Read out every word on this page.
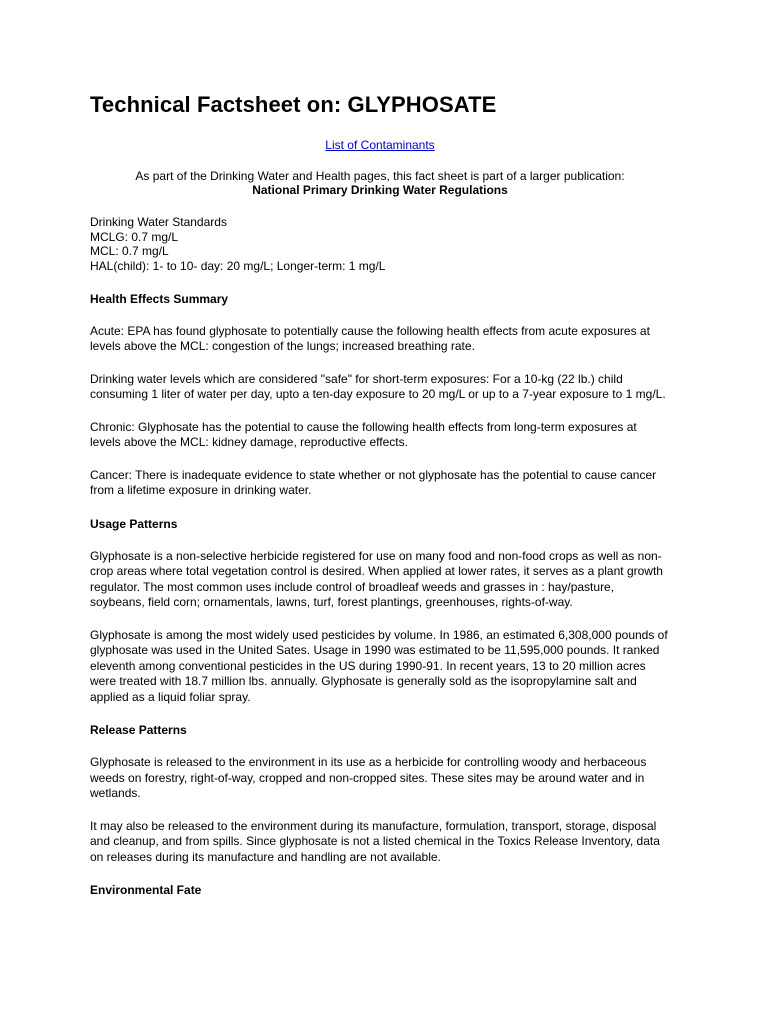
Technical Factsheet on: GLYPHOSATE
List of Contaminants
As part of the Drinking Water and Health pages, this fact sheet is part of a larger publication:
National Primary Drinking Water Regulations
Drinking Water Standards
MCLG: 0.7 mg/L
MCL: 0.7 mg/L
HAL(child): 1- to 10- day: 20 mg/L; Longer-term: 1 mg/L
Health Effects Summary

Acute: EPA has found glyphosate to potentially cause the following health effects from acute exposures at levels above the MCL: congestion of the lungs; increased breathing rate.

Drinking water levels which are considered "safe" for short-term exposures: For a 10-kg (22 lb.) child consuming 1 liter of water per day, upto a ten-day exposure to 20 mg/L or up to a 7-year exposure to 1 mg/L.

Chronic: Glyphosate has the potential to cause the following health effects from long-term exposures at levels above the MCL: kidney damage, reproductive effects.

Cancer: There is inadequate evidence to state whether or not glyphosate has the potential to cause cancer from a lifetime exposure in drinking water.

Usage Patterns

Glyphosate is a non-selective herbicide registered for use on many food and non-food crops as well as non-crop areas where total vegetation control is desired. When applied at lower rates, it serves as a plant growth regulator. The most common uses include control of broadleaf weeds and grasses in : hay/pasture, soybeans, field corn; ornamentals, lawns, turf, forest plantings, greenhouses, rights-of-way.

Glyphosate is among the most widely used pesticides by volume. In 1986, an estimated 6,308,000 pounds of glyphosate was used in the United Sates. Usage in 1990 was estimated to be 11,595,000 pounds. It ranked eleventh among conventional pesticides in the US during 1990-91. In recent years, 13 to 20 million acres were treated with 18.7 million lbs. annually. Glyphosate is generally sold as the isopropylamine salt and applied as a liquid foliar spray.

Release Patterns

Glyphosate is released to the environment in its use as a herbicide for controlling woody and herbaceous weeds on forestry, right-of-way, cropped and non-cropped sites. These sites may be around water and in wetlands.

It may also be released to the environment during its manufacture, formulation, transport, storage, disposal and cleanup, and from spills. Since glyphosate is not a listed chemical in the Toxics Release Inventory, data on releases during its manufacture and handling are not available.

Environmental Fate
